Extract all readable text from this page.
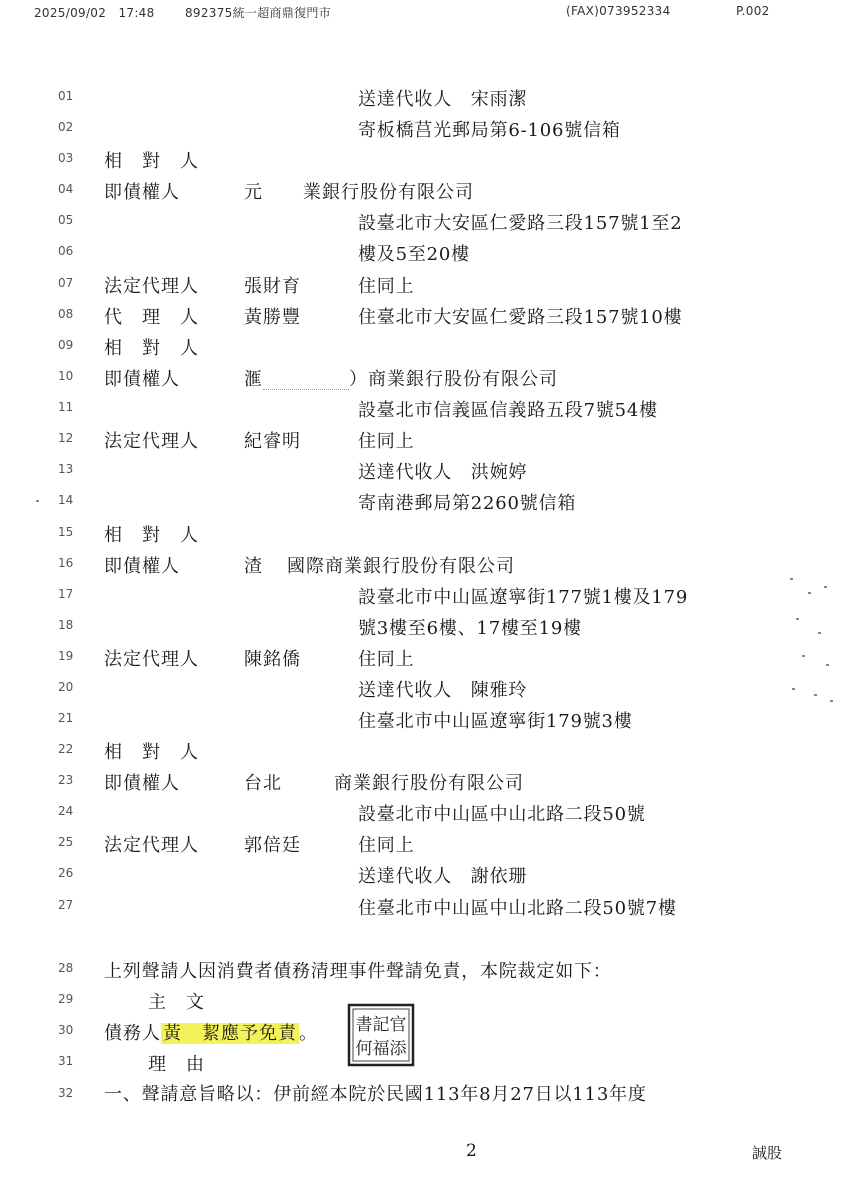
2025/09/02　17:48	892375統一超商鼎復門市	(FAX)073952334	P.002
01	送達代收人　宋雨潔
02	寄板橋莒光郵局第6-106號信箱
03 相　對　人
04 即債權人	元 業銀行股份有限公司
05	設臺北市大安區仁愛路三段157號1至2
06	樓及5至20樓
07 法定代理人	張財育	住同上
08 代　理　人	黃勝豐	住臺北市大安區仁愛路三段157號10樓
09 相　對　人
10 即債權人	滙	）商業銀行股份有限公司
11	設臺北市信義區信義路五段7號54樓
12 法定代理人	紀睿明	住同上
13	送達代收人　洪婉婷
14	寄南港郵局第2260號信箱
15 相　對　人
16 即債權人	渣 國際商業銀行股份有限公司
17	設臺北市中山區遼寧街177號1樓及179
18	號3樓至6樓、17樓至19樓
19 法定代理人	陳銘僑	住同上
20	送達代收人　陳雅玲
21	住臺北市中山區遼寧街179號3樓
22 相　對　人
23 即債權人	台北	商業銀行股份有限公司
24	設臺北市中山區中山北路二段50號
25 法定代理人	郭倍廷	住同上
26	送達代收人　謝依珊
27	住臺北市中山區中山北路二段50號7樓
28 上列聲請人因消費者債務清理事件聲請免責，本院裁定如下：
29	主　文
30 債務人 黃 絜應予免責 。
31	理　由
32 一、聲請意旨略以：伊前經本院於民國113年8月27日以113年度
書記官
何福添
2	誠股
